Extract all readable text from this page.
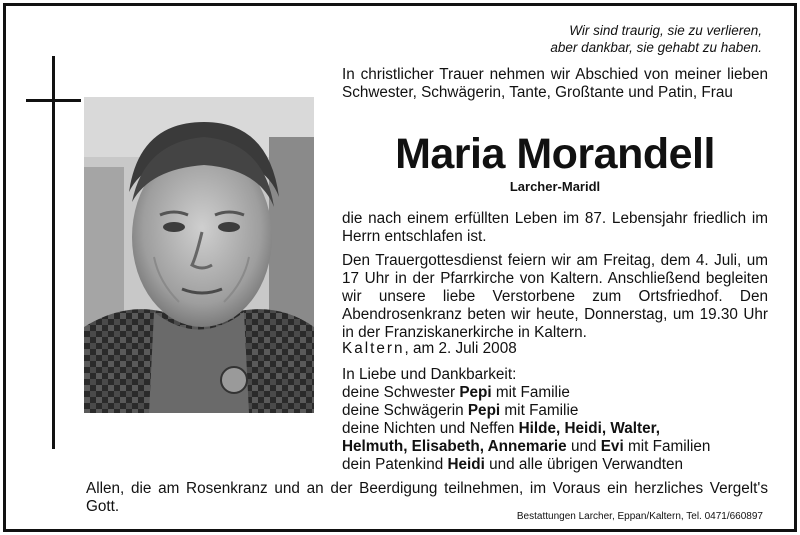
Wir sind traurig, sie zu verlieren,
aber dankbar, sie gehabt zu haben.
In christlicher Trauer nehmen wir Abschied von meiner lieben Schwester, Schwägerin, Tante, Großtante und Patin, Frau
Maria Morandell
Larcher-Maridl
die nach einem erfüllten Leben im 87. Lebensjahr friedlich im Herrn entschlafen ist.
Den Trauergottesdienst feiern wir am Freitag, dem 4. Juli, um 17 Uhr in der Pfarrkirche von Kaltern. Anschließend begleiten wir unsere liebe Verstorbene zum Ortsfriedhof. Den Abendrosenkranz beten wir heute, Donnerstag, um 19.30 Uhr in der Franziskanerkirche in Kaltern.
Kaltern, am 2. Juli 2008
In Liebe und Dankbarkeit:
deine Schwester Pepi mit Familie
deine Schwägerin Pepi mit Familie
deine Nichten und Neffen Hilde, Heidi, Walter,
Helmuth, Elisabeth, Annemarie und Evi mit Familien
dein Patenkind Heidi und alle übrigen Verwandten
Allen, die am Rosenkranz und an der Beerdigung teilnehmen, im Voraus ein herzliches Vergelt's Gott.
Bestattungen Larcher, Eppan/Kaltern, Tel. 0471/660897
